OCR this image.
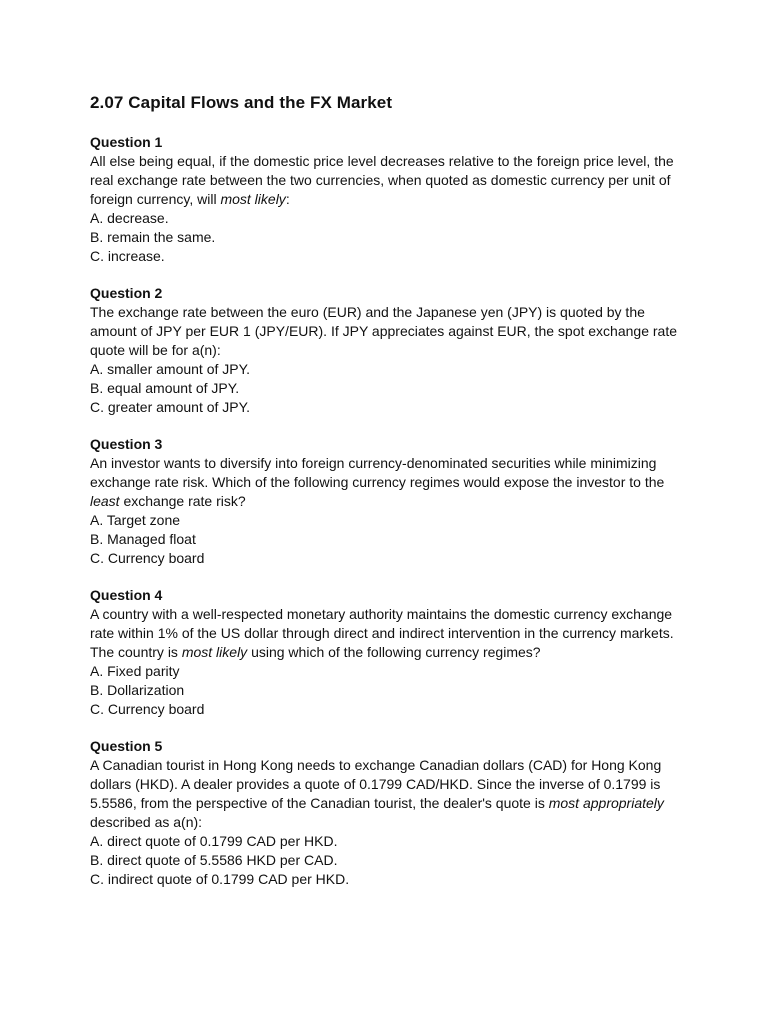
2.07 Capital Flows and the FX Market

Question 1

All else being equal, if the domestic price level decreases relative to the foreign price level, the real exchange rate between the two currencies, when quoted as domestic currency per unit of foreign currency, will most likely:

A. decrease.

B. remain the same.

C. increase.

Question 2

The exchange rate between the euro (EUR) and the Japanese yen (JPY) is quoted by the amount of JPY per EUR 1 (JPY/EUR). If JPY appreciates against EUR, the spot exchange rate quote will be for a(n):

A. smaller amount of JPY.

B. equal amount of JPY.

C. greater amount of JPY.

Question 3

An investor wants to diversify into foreign currency-denominated securities while minimizing exchange rate risk. Which of the following currency regimes would expose the investor to the least exchange rate risk?

A. Target zone

B. Managed float

C. Currency board

Question 4

A country with a well-respected monetary authority maintains the domestic currency exchange rate within 1% of the US dollar through direct and indirect intervention in the currency markets. The country is most likely using which of the following currency regimes?

A. Fixed parity

B. Dollarization

C. Currency board

Question 5

A Canadian tourist in Hong Kong needs to exchange Canadian dollars (CAD) for Hong Kong dollars (HKD). A dealer provides a quote of 0.1799 CAD/HKD. Since the inverse of 0.1799 is 5.5586, from the perspective of the Canadian tourist, the dealer's quote is most appropriately described as a(n):

A. direct quote of 0.1799 CAD per HKD.

B. direct quote of 5.5586 HKD per CAD.

C. indirect quote of 0.1799 CAD per HKD.
